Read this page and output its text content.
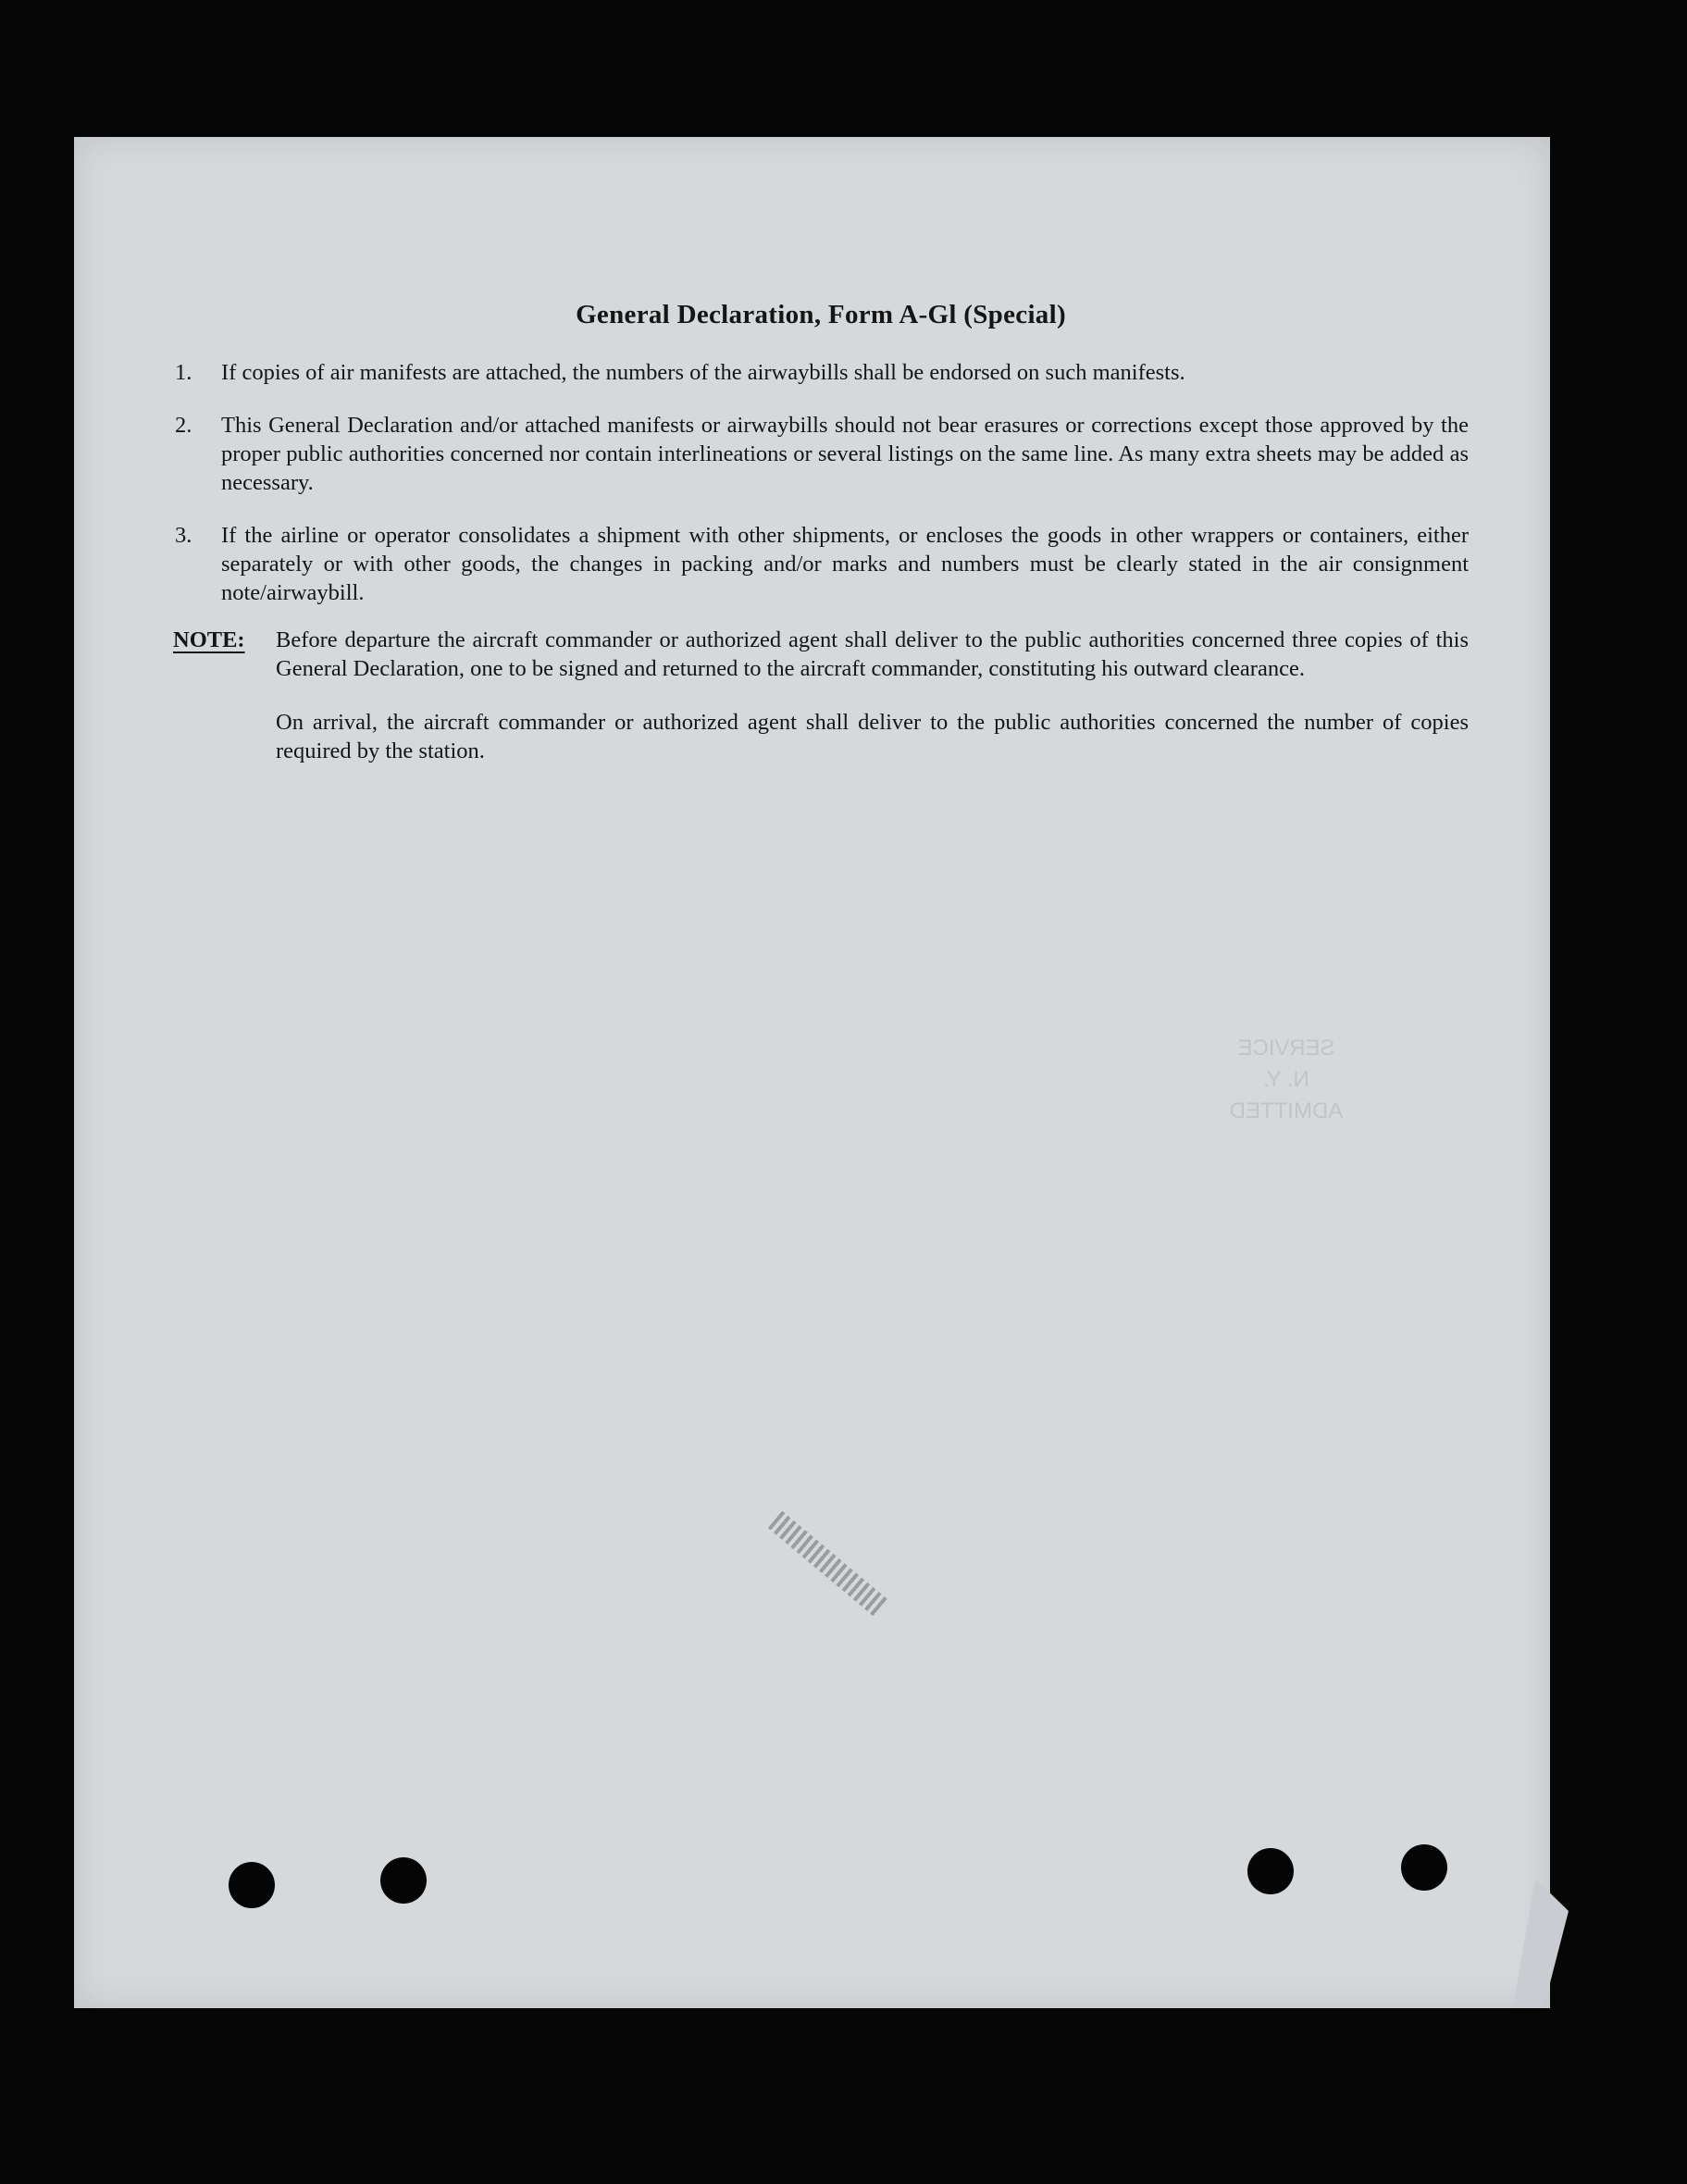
SERVICE
N. Y.
ADMITTED
General Declaration, Form A-Gl (Special)
1.	If copies of air manifests are attached, the numbers of the airwaybills shall be endorsed on such manifests.
2.	This General Declaration and/or attached manifests or airwaybills should not bear erasures or corrections except those approved by the proper public authorities concerned nor contain interlineations or several listings on the same line. As many extra sheets may be added as necessary.
3.	If the airline or operator consolidates a shipment with other shipments, or encloses the goods in other wrappers or containers, either separately or with other goods, the changes in packing and/or marks and numbers must be clearly stated in the air consignment note/airwaybill.
NOTE:	Before departure the aircraft commander or authorized agent shall deliver to the public authorities concerned three copies of this General Declaration, one to be signed and returned to the aircraft commander, constituting his outward clearance.

On arrival, the aircraft commander or authorized agent shall deliver to the public authorities concerned the number of copies required by the station.
